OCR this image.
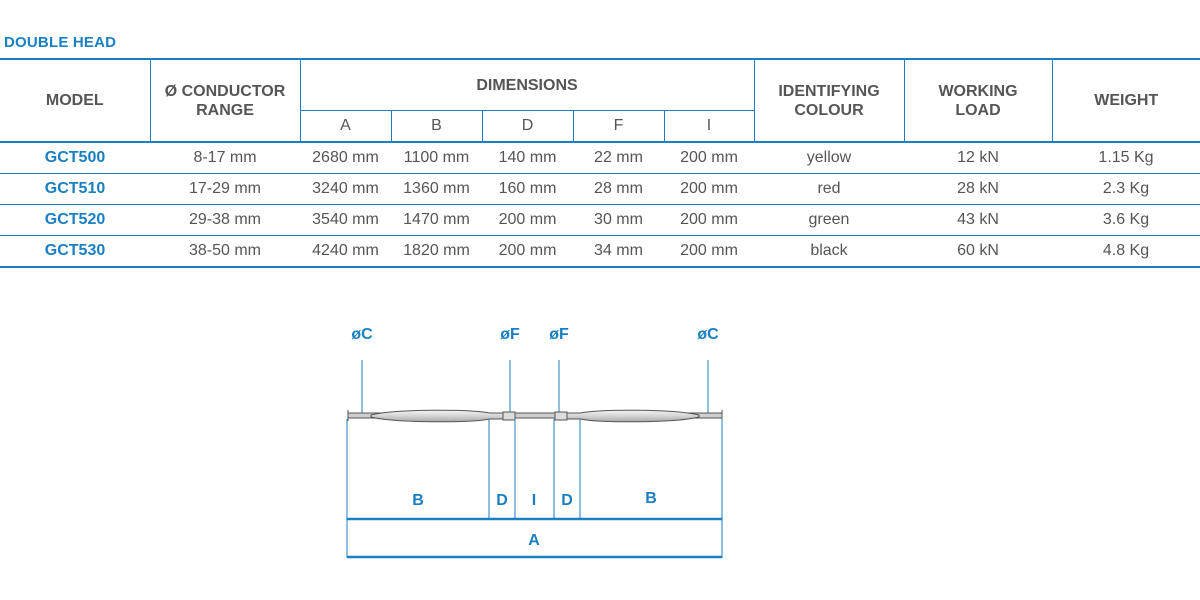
DOUBLE HEAD
MODEL	Ø CONDUCTOR RANGE	DIMENSIONS					IDENTIFYING COLOUR	WORKING LOAD	WEIGHT
		A	B	D	F	I			
GCT500	8-17 mm	2680 mm	1100 mm	140 mm	22 mm	200 mm	yellow	12 kN	1.15 Kg
GCT510	17-29 mm	3240 mm	1360 mm	160 mm	28 mm	200 mm	red	28 kN	2.3 Kg
GCT520	29-38 mm	3540 mm	1470 mm	200 mm	30 mm	200 mm	green	43 kN	3.6 Kg
GCT530	38-50 mm	4240 mm	1820 mm	200 mm	34 mm	200 mm	black	60 kN	4.8 Kg
øC	øF øF	øC
B	D I D	B
A
